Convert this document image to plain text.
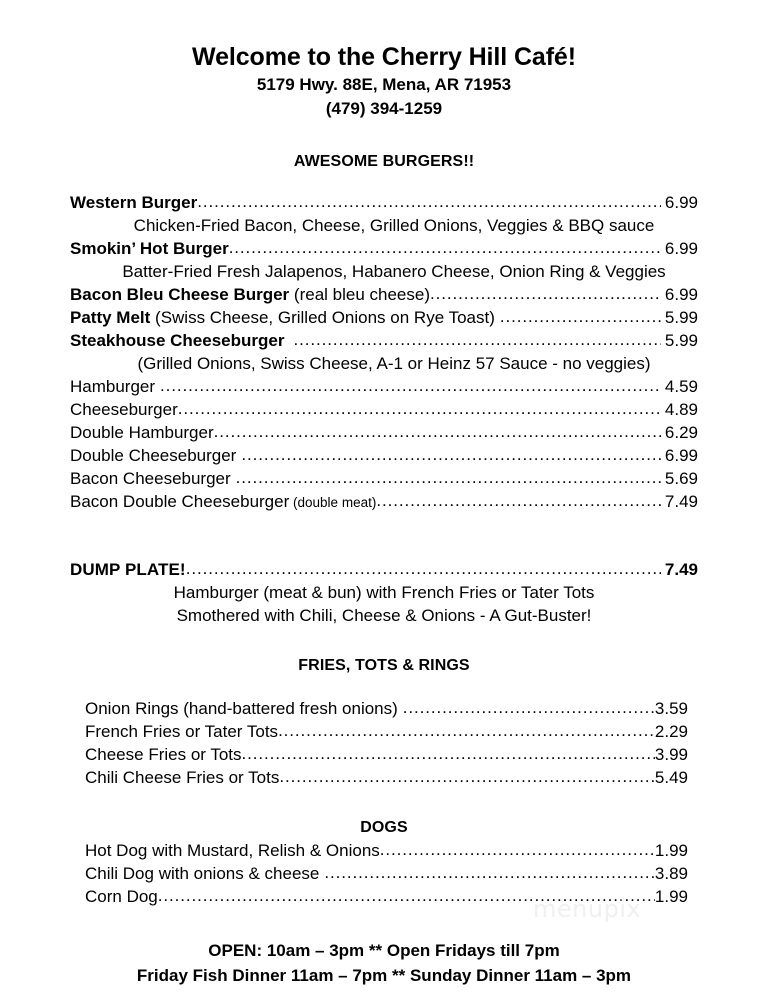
Welcome to the Cherry Hill Café!
5179 Hwy. 88E, Mena, AR 71953
(479) 394-1259
AWESOME BURGERS!!
Western Burger .....	6.99
Chicken-Fried Bacon, Cheese, Grilled Onions, Veggies & BBQ sauce
Smokin’ Hot Burger .....	6.99
Batter-Fried Fresh Jalapenos, Habanero Cheese, Onion Ring & Veggies
Bacon Bleu Cheese Burger
(real bleu cheese) .....	6.99
Patty Melt
(Swiss Cheese, Grilled Onions on Rye Toast) .....	5.99
Steakhouse Cheeseburger .....	5.99
(Grilled Onions, Swiss Cheese, A-1 or Heinz 57 Sauce - no veggies)
Hamburger .....	4.59
Cheeseburger .....	4.89
Double Hamburger .....	6.29
Double Cheeseburger .....	6.99
Bacon Cheeseburger .....	5.69
Bacon Double Cheeseburger
(double meat) .....	7.49
DUMP PLATE! .....	7.49
Hamburger (meat & bun) with French Fries or Tater Tots
Smothered with Chili, Cheese & Onions - A Gut-Buster!
FRIES, TOTS & RINGS
Onion Rings (hand-battered fresh onions) .....	3.59
French Fries or Tater Tots .....	2.29
Cheese Fries or Tots .....	3.99
Chili Cheese Fries or Tots .....	5.49
DOGS
Hot Dog with Mustard, Relish & Onions .....	1.99
Chili Dog with onions & cheese .....	3.89
Corn Dog .....	1.99
OPEN: 10am – 3pm ** Open Fridays till 7pm
Friday Fish Dinner 11am – 7pm ** Sunday Dinner 11am – 3pm
menupix
